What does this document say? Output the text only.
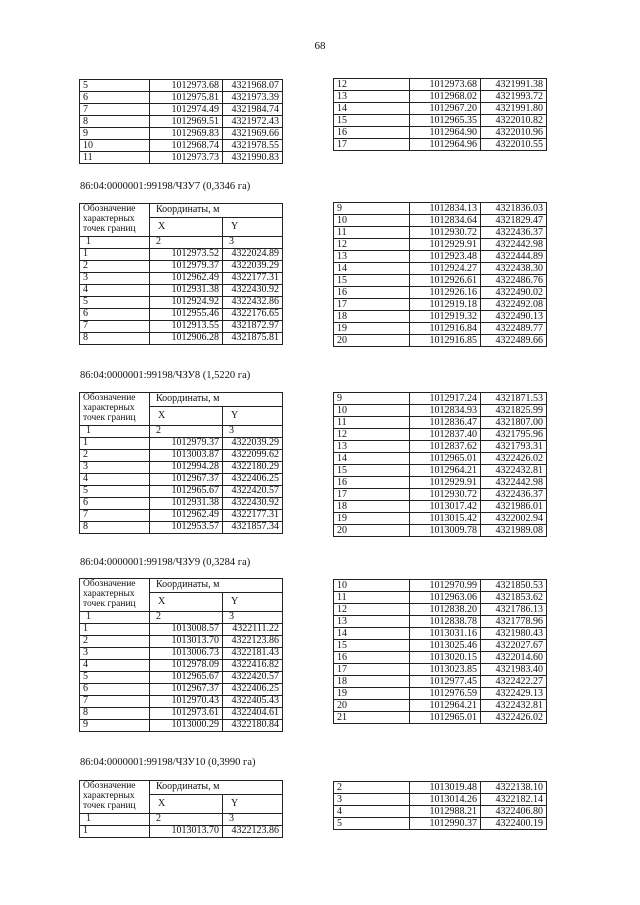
68
5	1012973.68	4321968.07
6	1012975.81	4321973.39
7	1012974.49	4321984.74
8	1012969.51	4321972.43
9	1012969.83	4321969.66
10	1012968.74	4321978.55
11	1012973.73	4321990.83
12	1012973.68	4321991.38
13	1012968.02	4321993.72
14	1012967.20	4321991.80
15	1012965.35	4322010.82
16	1012964.90	4322010.96
17	1012964.96	4322010.55
86:04:0000001:99198/ЧЗУ7 (0,3346 га)
Обозначение характерных точек границ	Координаты, м	
	X	Y
1	2	3
1	1012973.52	4322024.89
2	1012979.37	4322039.29
3	1012962.49	4322177.31
4	1012931.38	4322430.92
5	1012924.92	4322432.86
6	1012955.46	4322176.65
7	1012913.55	4321872.97
8	1012906.28	4321875.81
9	1012834.13	4321836.03
10	1012834.64	4321829.47
11	1012930.72	4322436.37
12	1012929.91	4322442.98
13	1012923.48	4322444.89
14	1012924.27	4322438.30
15	1012926.61	4322486.76
16	1012926.16	4322490.02
17	1012919.18	4322492.08
18	1012919.32	4322490.13
19	1012916.84	4322489.77
20	1012916.85	4322489.66
86:04:0000001:99198/ЧЗУ8 (1,5220 га)
Обозначение характерных точек границ	Координаты, м	
	X	Y
1	2	3
1	1012979.37	4322039.29
2	1013003.87	4322099.62
3	1012994.28	4322180.29
4	1012967.37	4322406.25
5	1012965.67	4322420.57
6	1012931.38	4322430.92
7	1012962.49	4322177.31
8	1012953.57	4321857.34
9	1012917.24	4321871.53
10	1012834.93	4321825.99
11	1012836.47	4321807.00
12	1012837.40	4321795.96
13	1012837.62	4321793.31
14	1012965.01	4322426.02
15	1012964.21	4322432.81
16	1012929.91	4322442.98
17	1012930.72	4322436.37
18	1013017.42	4321986.01
19	1013015.42	4322002.94
20	1013009.78	4321989.08
86:04:0000001:99198/ЧЗУ9 (0,3284 га)
Обозначение характерных точек границ	Координаты, м	
	X	Y
1	2	3
1	1013008.57	4322111.22
2	1013013.70	4322123.86
3	1013006.73	4322181.43
4	1012978.09	4322416.82
5	1012965.67	4322420.57
6	1012967.37	4322406.25
7	1012970.43	4322405.43
8	1012973.61	4322404.61
9	1013000.29	4322180.84
10	1012970.99	4321850.53
11	1012963.06	4321853.62
12	1012838.20	4321786.13
13	1012838.78	4321778.96
14	1013031.16	4321980.43
15	1013025.46	4322027.67
16	1013020.15	4322014.60
17	1013023.85	4321983.40
18	1012977.45	4322422.27
19	1012976.59	4322429.13
20	1012964.21	4322432.81
21	1012965.01	4322426.02
86:04:0000001:99198/ЧЗУ10 (0,3990 га)
Обозначение характерных точек границ	Координаты, м	
	X	Y
1	2	3
1	1013013.70	4322123.86
2	1013019.48	4322138.10
3	1013014.26	4322182.14
4	1012988.21	4322406.80
5	1012990.37	4322400.19
